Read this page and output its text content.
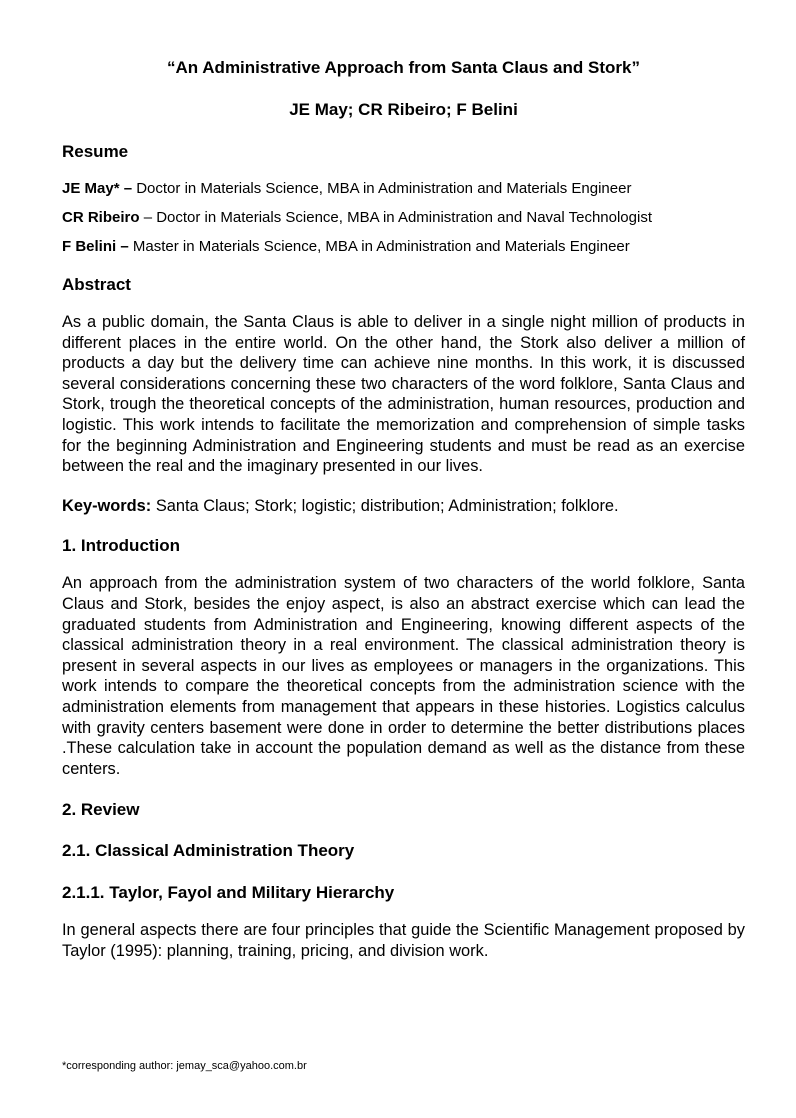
“An Administrative Approach from Santa Claus and Stork”

JE May; CR Ribeiro; F Belini

Resume

JE May* – Doctor in Materials Science, MBA in Administration and Materials Engineer

CR Ribeiro – Doctor in Materials Science, MBA in Administration and Naval Technologist

F Belini – Master in Materials Science, MBA in Administration and Materials Engineer

Abstract

As a public domain, the Santa Claus is able to deliver in a single night million of products in different places in the entire world. On the other hand, the Stork also deliver a million of products a day but the delivery time can achieve nine months. In this work, it is discussed several considerations concerning these two characters of the word folklore, Santa Claus and Stork, trough the theoretical concepts of the administration, human resources, production and logistic. This work intends to facilitate the memorization and comprehension of simple tasks for the beginning Administration and Engineering students and must be read as an exercise between the real and the imaginary presented in our lives.

Key-words: Santa Claus; Stork; logistic; distribution; Administration; folklore.

1. Introduction

An approach from the administration system of two characters of the world folklore, Santa Claus and Stork, besides the enjoy aspect, is also an abstract exercise which can lead the graduated students from Administration and Engineering, knowing different aspects of the classical administration theory in a real environment. The classical administration theory is present in several aspects in our lives as employees or managers in the organizations. This work intends to compare the theoretical concepts from the administration science with the administration elements from management that appears in these histories. Logistics calculus with gravity centers basement were done in order to determine the better distributions places .These calculation take in account the population demand as well as the distance from these centers.

2. Review

2.1. Classical Administration Theory

2.1.1. Taylor, Fayol and Military Hierarchy

In general aspects there are four principles that guide the Scientific Management proposed by Taylor (1995): planning, training, pricing, and division work.

*corresponding author: jemay_sca@yahoo.com.br
